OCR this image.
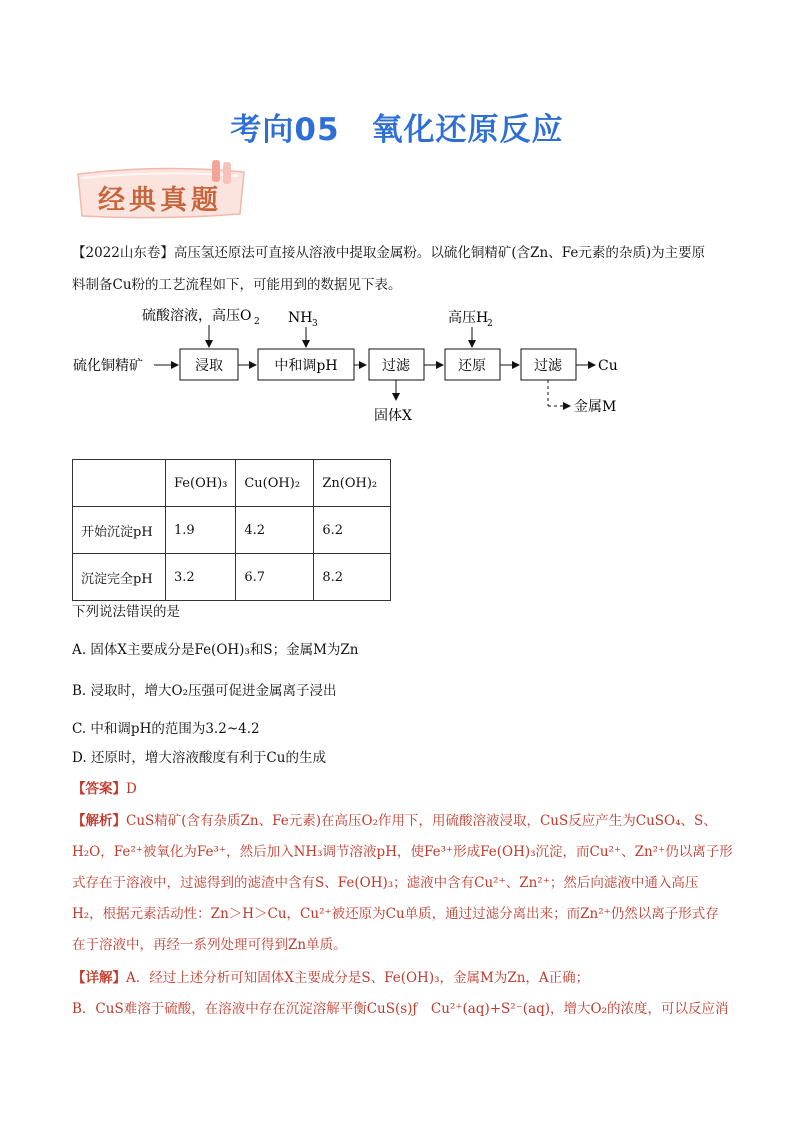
考向05　氧化还原反应
经典真题
【2022山东卷】高压氢还原法可直接从溶液中提取金属粉。以硫化铜精矿(含Zn、Fe元素的杂质)为主要原
料制备Cu粉的工艺流程如下，可能用到的数据见下表。
硫化铜精矿	浸取	中和调pH	过滤	还原	过滤	Cu
硫酸溶液，高压O 2 NH 3	高压H
2
固体X
金属M
	Fe(OH)₃	Cu(OH)₂	Zn(OH)₂
开始沉淀pH	1.9	4.2	6.2
沉淀完全pH	3.2	6.7	8.2
下列说法错误的是
A. 固体X主要成分是Fe(OH)₃和S；金属M为Zn
B. 浸取时，增大O₂压强可促进金属离子浸出
C. 中和调pH的范围为3.2~4.2
D. 还原时，增大溶液酸度有利于Cu的生成
【答案】D
【解析】CuS精矿(含有杂质Zn、Fe元素)在高压O₂作用下，用硫酸溶液浸取，CuS反应产生为CuSO₄、S、
H₂O，Fe²⁺被氧化为Fe³⁺，然后加入NH₃调节溶液pH，使Fe³⁺形成Fe(OH)₃沉淀，而Cu²⁺、Zn²⁺仍以离子形
式存在于溶液中，过滤得到的滤渣中含有S、Fe(OH)₃；滤液中含有Cu²⁺、Zn²⁺；然后向滤液中通入高压
H₂，根据元素活动性：Zn＞H＞Cu，Cu²⁺被还原为Cu单质，通过过滤分离出来；而Zn²⁺仍然以离子形式存
在于溶液中，再经一系列处理可得到Zn单质。
【详解】A．经过上述分析可知固体X主要成分是S、Fe(OH)₃，金属M为Zn，A正确；
B．CuS难溶于硫酸，在溶液中存在沉淀溶解平衡CuS(s)ƒ　Cu²⁺(aq)+S²⁻(aq)，增大O₂的浓度，可以反应消
